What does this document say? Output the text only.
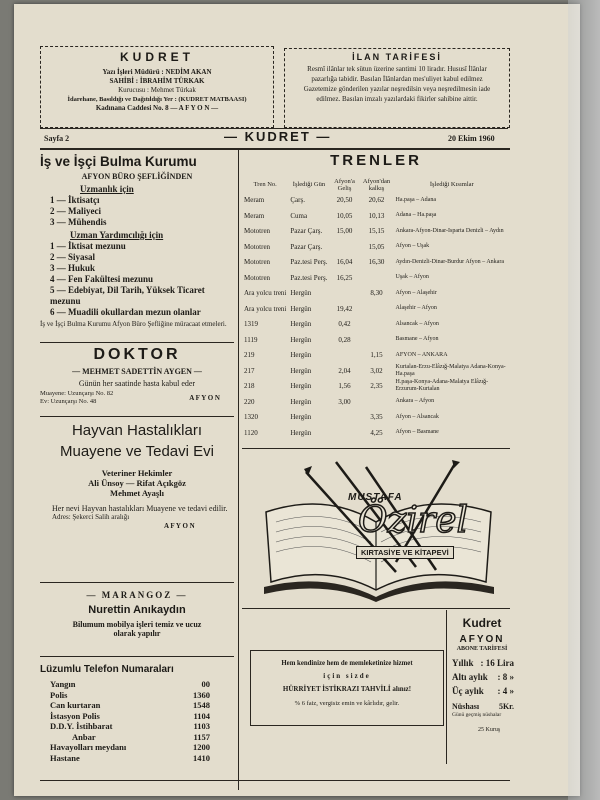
KUDRET
Yazı İşleri Müdürü : NEDİM AKAN
SAHİBİ : İBRAHİM TÜRKAK
Kurucusu : Mehmet Türkak
İdarehane, Basıldığı ve Dağıtıldığı Yer : (KUDRET MATBAASI)
Kadınana Caddesi No. 8 — A F Y O N —
İLAN TARİFESİ
Resmî ilânlar tek sütun üzerine santimi 10 liradır. Hususî İlânlar pazarlığa tabidir. Basılan İlânlardan mes'uliyet kabul edilmez Gazetemize gönderilen yazılar neşredilsin veya neşredilmesin iade edilmez. Basılan imzalı yazılardaki fikirler sahibine aittir.
Sayfa 2	— KUDRET —	20 Ekim 1960
İş ve İşçi Bulma Kurumu
AFYON BÜRO ŞEFLİĞİNDEN
Uzmanlık için
1 — İktisatçı
2 — Maliyeci
3 — Mühendis
Uzman Yardımcılığı için
1 — İktisat mezunu
2 — Siyasal
3 — Hukuk
4 — Fen Fakültesi mezunu
5 — Edebiyat, Dil Tarih, Yüksek Ticaret mezunu
6 — Muadili okullardan mezun olanlar
İş ve İşçi Bulma Kurumu Afyon Büro Şefliğine müracaat etmeleri.
DOKTOR
— MEHMET SADETTİN AYGEN —
Günün her saatinde hasta kabul eder
Muayene: Uzunçarşı No. 82
Ev: Uzunçarşı No. 48	A F Y O N
Hayvan Hastalıkları
Muayene ve Tedavi Evi
Veteriner Hekimler
Ali Ünsoy — Rifat Açıkgöz
Mehmet Ayaşlı
Her nevi Hayvan hastalıkları Muayene ve tedavi edilir.
Adres: Şekerci Salih aralığı
A F Y O N
— MARANGOZ —
Nurettin Anıkaydın
Bilumum mobilya işleri temiz ve ucuz olarak yapılır
Lüzumlu Telefon Numaraları
Yangın	00
Polis	1360
Can kurtaran	1548
İstasyon Polis	1104
D.D.Y. İstihbarat	1103
Anbar	1157
Havayolları meydanı	1200
Hastane	1410
TRENLER
Tren No.	İşlediği Gün	Afyon'a Geliş	Afyon'dan kalkış	İşlediği Kısımlar
Meram	Çarş.	20,50	20,62	Ha.paşa – Adana
Meram	Cuma	10,05	10,13	Adana – Ha.paşa
Mototren	Pazar Çarş.	15,00	15,15	Ankara-Afyon-Dinar-Isparta Denizli – Aydın
Mototren	Pazar Çarş.		15,05	Afyon – Uşak
Mototren	Paz.tesi Perş.	16,04	16,30	Aydın-Denizli-Dinar-Burdur Afyon – Ankara
Mototren	Paz.tesi Perş.	16,25		Uşak – Afyon
Ara yolcu treni	Hergün		8,30	Afyon – Alaşehir
Ara yolcu treni	Hergün	19,42		Alaşehir – Afyon
1319	Hergün	0,42		Alsancak – Afyon
1119	Hergün	0,28		Basmane – Afyon
219	Hergün		1,15	AFYON – ANKARA
217	Hergün	2,04	3,02	Kurtalan-Erzu-Elâzığ-Malatya Adana-Konya-Ha.paşa
218	Hergün	1,56	2,35	H.paşa-Konya-Adana-Malatya Elâzığ-Erzurum-Kurtalan
220	Hergün	3,00		Ankara – Afyon
1320	Hergün		3,35	Afyon – Alsancak
1120	Hergün		4,25	Afyon – Basmane
MUSTAFA
Özirel
KIRTASİYE VE KİTAPEVİ
Hem kendinize hem de memleketinize hizmet
için sizde
HÜRRİYET İSTİKRAZI TAHVİLİ alınız!
% 6 faiz, vergisiz emin ve kârlıdır, gelir.
Kudret
AFYON
ABONE TARİFESİ
Yıllık : 16 Lira
Altı aylık : 8 »
Üç aylık : 4 »
Nüshası 5Kr.
Günü geçmiş nüshalar
25 Kuruş
